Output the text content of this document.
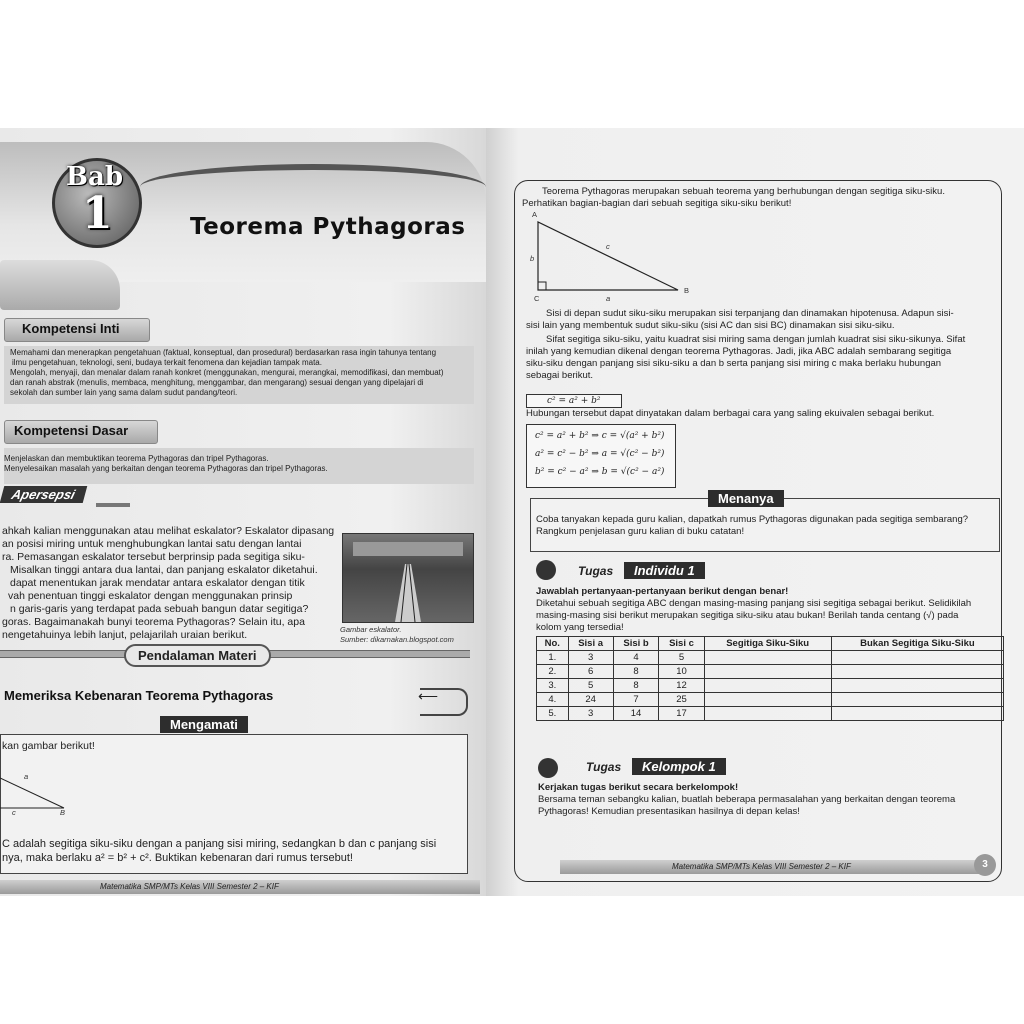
Bab
1	Teorema Pythagoras
Kompetensi Inti
Memahami dan menerapkan pengetahuan (faktual, konseptual, dan prosedural) berdasarkan rasa ingin tahunya tentang
ilmu pengetahuan, teknologi, seni, budaya terkait fenomena dan kejadian tampak mata.
Mengolah, menyaji, dan menalar dalam ranah konkret (menggunakan, mengurai, merangkai, memodifikasi, dan membuat)
dan ranah abstrak (menulis, membaca, menghitung, menggambar, dan mengarang) sesuai dengan yang dipelajari di
sekolah dan sumber lain yang sama dalam sudut pandang/teori.
Kompetensi Dasar
Menjelaskan dan membuktikan teorema Pythagoras dan tripel Pythagoras.
Menyelesaikan masalah yang berkaitan dengan teorema Pythagoras dan tripel Pythagoras.
Apersepsi
ahkah kalian menggunakan atau melihat eskalator? Eskalator dipasang
an posisi miring untuk menghubungkan lantai satu dengan lantai
ra. Pemasangan eskalator tersebut berprinsip pada segitiga siku-
Misalkan tinggi antara dua lantai, dan panjang eskalator diketahui.
dapat menentukan jarak mendatar antara eskalator dengan titik
vah penentuan tinggi eskalator dengan menggunakan prinsip
n garis-garis yang terdapat pada sebuah bangun datar segitiga?
goras. Bagaimanakah bunyi teorema Pythagoras? Selain itu, apa
nengetahuinya lebih lanjut, pelajarilah uraian berikut.	Gambar eskalator.
Sumber: dikarnakan.blogspot.com
Pendalaman Materi
Memeriksa Kebenaran Teorema Pythagoras	⟵
Mengamati
kan gambar berikut!
a
c	B
C adalah segitiga siku-siku dengan a panjang sisi miring, sedangkan b dan c panjang sisi
nya, maka berlaku a² = b² + c². Buktikan kebenaran dari rumus tersebut!
Matematika SMP/MTs Kelas VIII Semester 2 – KIF
Teorema Pythagoras merupakan sebuah teorema yang berhubungan dengan segitiga siku-siku.
Perhatikan bagian-bagian dari sebuah segitiga siku-siku berikut!
A
b
c
C	a
B
Sisi di depan sudut siku-siku merupakan sisi terpanjang dan dinamakan hipotenusa. Adapun sisi-
sisi lain yang membentuk sudut siku-siku (sisi AC dan sisi BC) dinamakan sisi siku-siku.
Sifat segitiga siku-siku, yaitu kuadrat sisi miring sama dengan jumlah kuadrat sisi siku-sikunya. Sifat
inilah yang kemudian dikenal dengan teorema Pythagoras. Jadi, jika ABC adalah sembarang segitiga
siku-siku dengan panjang sisi siku-siku a dan b serta panjang sisi miring c maka berlaku hubungan
sebagai berikut.
c² = a² + b²
Hubungan tersebut dapat dinyatakan dalam berbagai cara yang saling ekuivalen sebagai berikut.
c² = a² + b² ⇒ c = √(a² + b²)
a² = c² − b² ⇒ a = √(c² − b²)
b² = c² − a² ⇒ b = √(c² − a²)
Menanya
Coba tanyakan kepada guru kalian, dapatkah rumus Pythagoras digunakan pada segitiga sembarang?
Rangkum penjelasan guru kalian di buku catatan!
Tugas	Individu 1
Jawablah pertanyaan-pertanyaan berikut dengan benar!
Diketahui sebuah segitiga ABC dengan masing-masing panjang sisi segitiga sebagai berikut. Selidikilah
masing-masing sisi berikut merupakan segitiga siku-siku atau bukan! Berilah tanda centang (√) pada
kolom yang tersedia!
No.	Sisi a	Sisi b	Sisi c	Segitiga Siku-Siku	Bukan Segitiga Siku-Siku
1.	3	4	5		
2.	6	8	10		
3.	5	8	12		
4.	24	7	25		
5.	3	14	17		
Tugas	Kelompok 1
Kerjakan tugas berikut secara berkelompok!
Bersama teman sebangku kalian, buatlah beberapa permasalahan yang berkaitan dengan teorema
Pythagoras! Kemudian presentasikan hasilnya di depan kelas!
Matematika SMP/MTs Kelas VIII Semester 2 – KIF	3
